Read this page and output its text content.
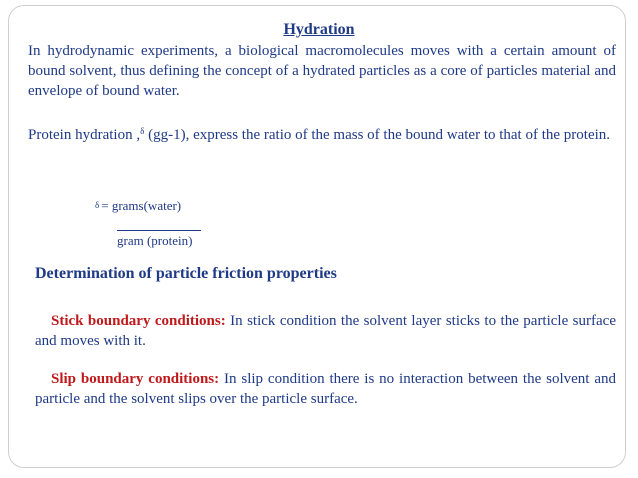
Hydration
In hydrodynamic experiments, a biological macromolecules moves with a certain amount of bound solvent, thus defining the concept of a hydrated particles as a core of particles material and envelope of bound water.
Protein hydration ,$^\delta$ (gg-1), express the ratio of the mass of the bound water to that of the protein.
δ = grams(water)
gram (protein)
Determination of particle friction properties
Stick boundary conditions: In stick condition the solvent layer sticks to the particle surface and moves with it.
Slip boundary conditions: In slip condition there is no interaction between the solvent and particle and the solvent slips over the particle surface.
